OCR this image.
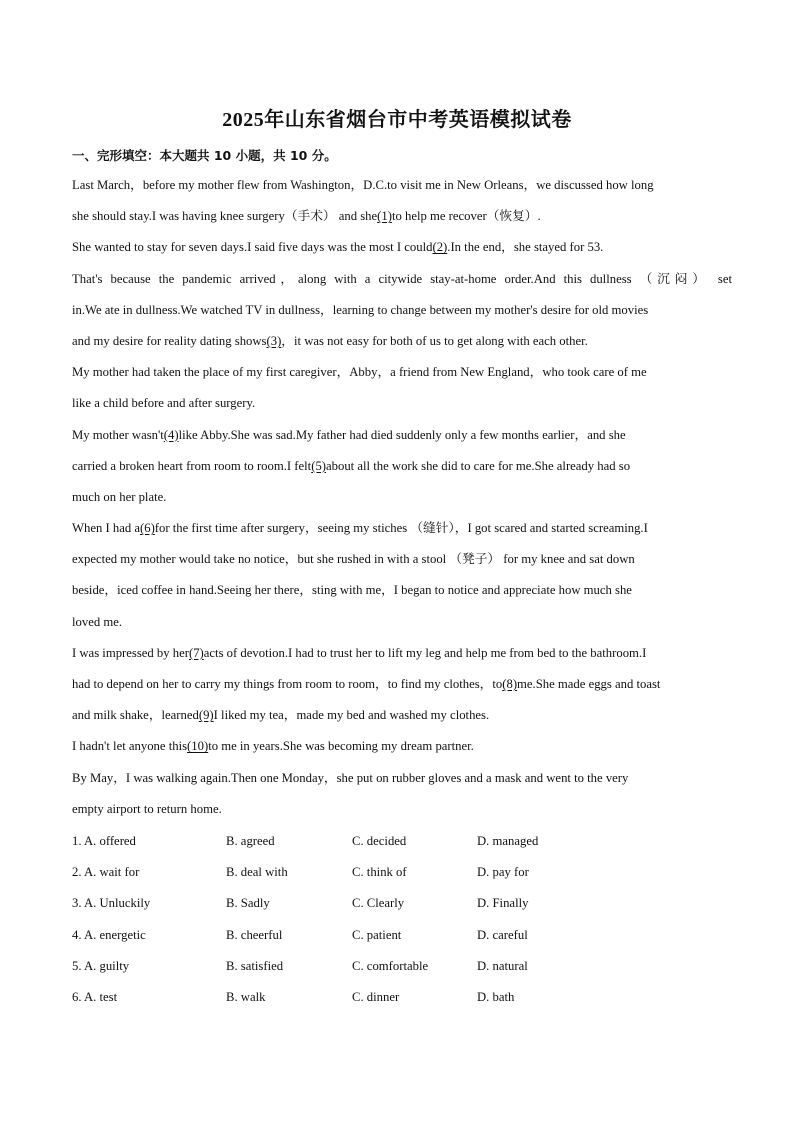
2025年山东省烟台市中考英语模拟试卷
一、完形填空：本大题共 10 小题，共 10 分。
Last March，before my mother flew from Washington，D.C.to visit me in New Orleans，we discussed how long
she should stay.I was having knee surgery（手术） and she(1)to help me recover（恢复）.
She wanted to stay for seven days.I said five days was the most I could(2).In the end，she stayed for 53.
That's because the pandemic arrived，along with a citywide stay-at-home order.And this dullness （沉闷） set
in.We ate in dullness.We watched TV in dullness，learning to change between my mother's desire for old movies
and my desire for reality dating shows(3)，it was not easy for both of us to get along with each other.
My mother had taken the place of my first caregiver，Abby，a friend from New England，who took care of me
like a child before and after surgery.
My mother wasn't(4)like Abby.She was sad.My father had died suddenly only a few months earlier，and she
carried a broken heart from room to room.I felt(5)about all the work she did to care for me.She already had so
much on her plate.
When I had a(6)for the first time after surgery，seeing my stiches （缝针），I got scared and started screaming.I
expected my mother would take no notice，but she rushed in with a stool （凳子） for my knee and sat down
beside，iced coffee in hand.Seeing her there，sting with me，I began to notice and appreciate how much she
loved me.
I was impressed by her(7)acts of devotion.I had to trust her to lift my leg and help me from bed to the bathroom.I
had to depend on her to carry my things from room to room，to find my clothes，to(8)me.She made eggs and toast
and milk shake，learned(9)I liked my tea，made my bed and washed my clothes.
I hadn't let anyone this(10)to me in years.She was becoming my dream partner.
By May，I was walking again.Then one Monday，she put on rubber gloves and a mask and went to the very
empty airport to return home.
1. A. offered	B. agreed	C. decided	D. managed
2. A. wait for	B. deal with	C. think of	D. pay for
3. A. Unluckily	B. Sadly	C. Clearly	D. Finally
4. A. energetic	B. cheerful	C. patient	D. careful
5. A. guilty	B. satisfied	C. comfortable	D. natural
6. A. test	B. walk	C. dinner	D. bath
